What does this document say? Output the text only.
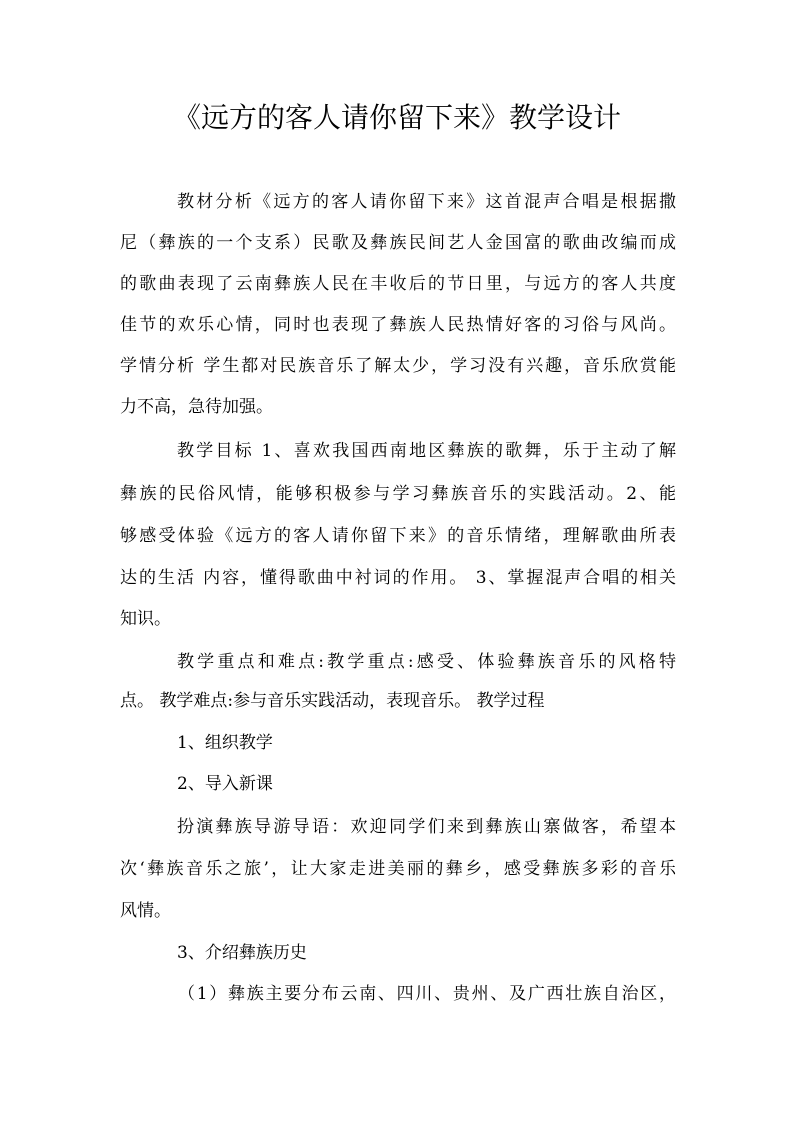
《远方的客人请你留下来》教学设计
教材分析《远方的客人请你留下来》这首混声合唱是根据撒
尼（彝族的一个支系）民歌及彝族民间艺人金国富的歌曲改编而成
的歌曲表现了云南彝族人民在丰收后的节日里，与远方的客人共度
佳节的欢乐心情，同时也表现了彝族人民热情好客的习俗与风尚。
学情分析 学生都对民族音乐了解太少，学习没有兴趣，音乐欣赏能
力不高，急待加强。
教学目标 1、喜欢我国西南地区彝族的歌舞，乐于主动了解
彝族的民俗风情，能够积极参与学习彝族音乐的实践活动。2、能
够感受体验《远方的客人请你留下来》的音乐情绪，理解歌曲所表
达的生活 内容，懂得歌曲中衬词的作用。 3、掌握混声合唱的相关
知识。
教学重点和难点:教学重点:感受、体验彝族音乐的风格特
点。 教学难点:参与音乐实践活动，表现音乐。 教学过程
1、组织教学
2、导入新课
扮演彝族导游导语：欢迎同学们来到彝族山寨做客，希望本
次‘彝族音乐之旅’，让大家走进美丽的彝乡，感受彝族多彩的音乐
风情。
3、介绍彝族历史
（1）彝族主要分布云南、四川、贵州、及广西壮族自治区，
